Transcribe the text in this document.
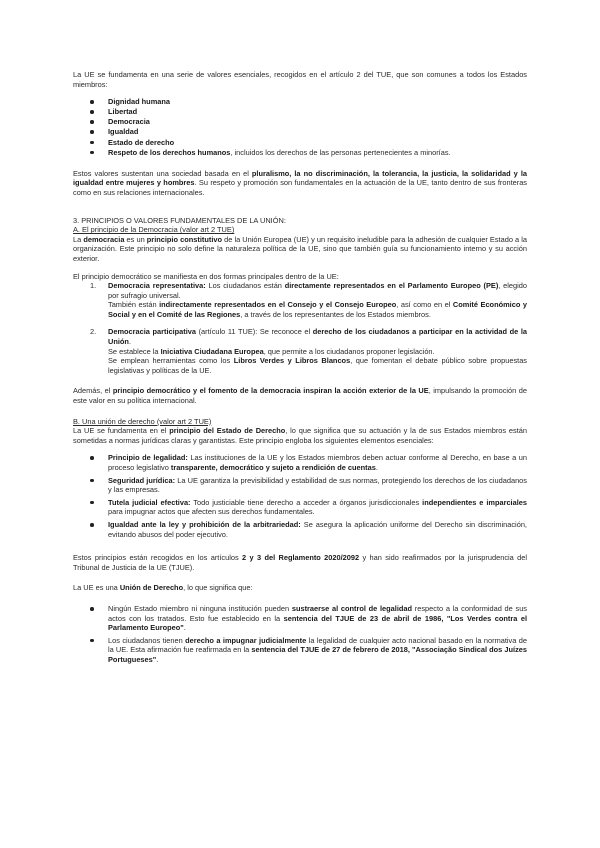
La UE se fundamenta en una serie de valores esenciales, recogidos en el artículo 2 del TUE, que son comunes a todos los Estados miembros:

Dignidad humana
Libertad
Democracia
Igualdad
Estado de derecho
Respeto de los derechos humanos, incluidos los derechos de las personas pertenecientes a minorías.

Estos valores sustentan una sociedad basada en el pluralismo, la no discriminación, la tolerancia, la justicia, la solidaridad y la igualdad entre mujeres y hombres. Su respeto y promoción son fundamentales en la actuación de la UE, tanto dentro de sus fronteras como en sus relaciones internacionales.

3. PRINCIPIOS O VALORES FUNDAMENTALES DE LA UNIÓN:

A. El principio de la Democracia (valor art 2 TUE)

La democracia es un principio constitutivo de la Unión Europea (UE) y un requisito ineludible para la adhesión de cualquier Estado a la organización. Este principio no solo define la naturaleza política de la UE, sino que también guía su funcionamiento interno y su acción exterior.

El principio democrático se manifiesta en dos formas principales dentro de la UE:

1. Democracia representativa: Los ciudadanos están directamente representados en el Parlamento Europeo (PE), elegido por sufragio universal.

También están indirectamente representados en el Consejo y el Consejo Europeo, así como en el Comité Económico y Social y en el Comité de las Regiones, a través de los representantes de los Estados miembros.

2. Democracia participativa (artículo 11 TUE): Se reconoce el derecho de los ciudadanos a participar en la actividad de la Unión.

Se establece la Iniciativa Ciudadana Europea, que permite a los ciudadanos proponer legislación.

Se emplean herramientas como los Libros Verdes y Libros Blancos, que fomentan el debate público sobre propuestas legislativas y políticas de la UE.

Además, el principio democrático y el fomento de la democracia inspiran la acción exterior de la UE, impulsando la promoción de este valor en su política internacional.

B. Una unión de derecho (valor art 2 TUE)

La UE se fundamenta en el principio del Estado de Derecho, lo que significa que su actuación y la de sus Estados miembros están sometidas a normas jurídicas claras y garantistas. Este principio engloba los siguientes elementos esenciales:

Principio de legalidad: Las instituciones de la UE y los Estados miembros deben actuar conforme al Derecho, en base a un proceso legislativo transparente, democrático y sujeto a rendición de cuentas.
Seguridad jurídica: La UE garantiza la previsibilidad y estabilidad de sus normas, protegiendo los derechos de los ciudadanos y las empresas.
Tutela judicial efectiva: Todo justiciable tiene derecho a acceder a órganos jurisdiccionales independientes e imparciales para impugnar actos que afecten sus derechos fundamentales.
Igualdad ante la ley y prohibición de la arbitrariedad: Se asegura la aplicación uniforme del Derecho sin discriminación, evitando abusos del poder ejecutivo.

Estos principios están recogidos en los artículos 2 y 3 del Reglamento 2020/2092 y han sido reafirmados por la jurisprudencia del Tribunal de Justicia de la UE (TJUE).

La UE es una Unión de Derecho, lo que significa que:

Ningún Estado miembro ni ninguna institución pueden sustraerse al control de legalidad respecto a la conformidad de sus actos con los tratados. Esto fue establecido en la sentencia del TJUE de 23 de abril de 1986, "Los Verdes contra el Parlamento Europeo".
Los ciudadanos tienen derecho a impugnar judicialmente la legalidad de cualquier acto nacional basado en la normativa de la UE. Esta afirmación fue reafirmada en la sentencia del TJUE de 27 de febrero de 2018, "Associação Sindical dos Juízes Portugueses".
